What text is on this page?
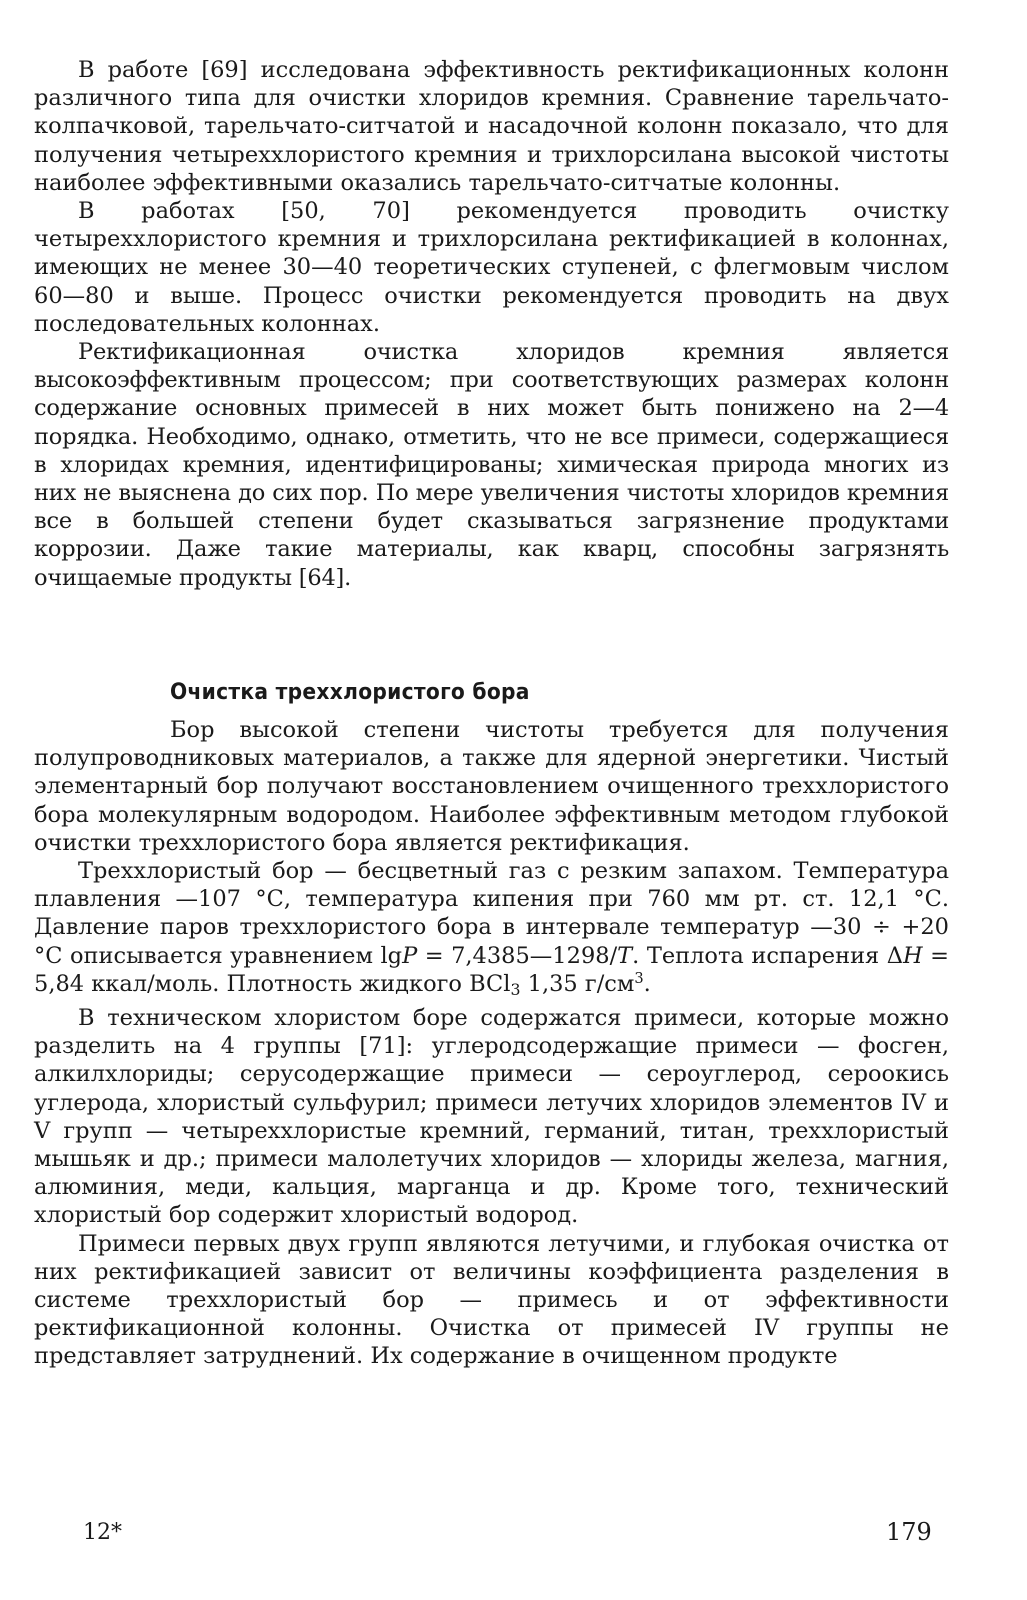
В работе [69] исследована эффективность ректификационных колонн различного типа для очистки хлоридов кремния. Сравнение тарельчато-колпачковой, тарельчато-ситчатой и насадочной колонн показало, что для получения четыреххлористого кремния и трихлорсилана высокой чистоты наиболее эффективными оказались тарельчато-ситчатые колонны.

В работах [50, 70] рекомендуется проводить очистку четыреххлористого кремния и трихлорсилана ректификацией в колоннах, имеющих не менее 30—40 теоретических ступеней, с флегмовым числом 60—80 и выше. Процесс очистки рекомендуется проводить на двух последовательных колоннах.

Ректификационная очистка хлоридов кремния является высокоэффективным процессом; при соответствующих размерах колонн содержание основных примесей в них может быть понижено на 2—4 порядка. Необходимо, однако, отметить, что не все примеси, содержащиеся в хлоридах кремния, идентифицированы; химическая природа многих из них не выяснена до сих пор. По мере увеличения чистоты хлоридов кремния все в большей степени будет сказываться загрязнение продуктами коррозии. Даже такие материалы, как кварц, способны загрязнять очищаемые продукты [64].

Очистка треххлористого бора

Бор высокой степени чистоты требуется для получения полупроводниковых материалов, а также для ядерной энергетики. Чистый элементарный бор получают восстановлением очищенного треххлористого бора молекулярным водородом. Наиболее эффективным методом глубокой очистки треххлористого бора является ректификация.

Треххлористый бор — бесцветный газ с резким запахом. Температура плавления —107 °С, температура кипения при 760 мм рт. ст. 12,1 °С. Давление паров треххлористого бора в интервале температур —30 ÷ +20 °С описывается уравнением lgP = 7,4385—1298/T. Теплота испарения ΔH = 5,84 ккал/моль. Плотность жидкого BCl$_3$ 1,35 $г/см^3$.

В техническом хлористом боре содержатся примеси, которые можно разделить на 4 группы [71]: углеродсодержащие примеси — фосген, алкилхлориды; серусодержащие примеси — сероуглерод, сероокись углерода, хлористый сульфурил; примеси летучих хлоридов элементов IV и V групп — четыреххлористые кремний, германий, титан, треххлористый мышьяк и др.; примеси малолетучих хлоридов — хлориды железа, магния, алюминия, меди, кальция, марганца и др. Кроме того, технический хлористый бор содержит хлористый водород.

Примеси первых двух групп являются летучими, и глубокая очистка от них ректификацией зависит от величины коэффициента разделения в системе треххлористый бор — примесь и от эффективности ректификационной колонны. Очистка от примесей IV группы не представляет затруднений. Их содержание в очищенном продукте

12*	179
